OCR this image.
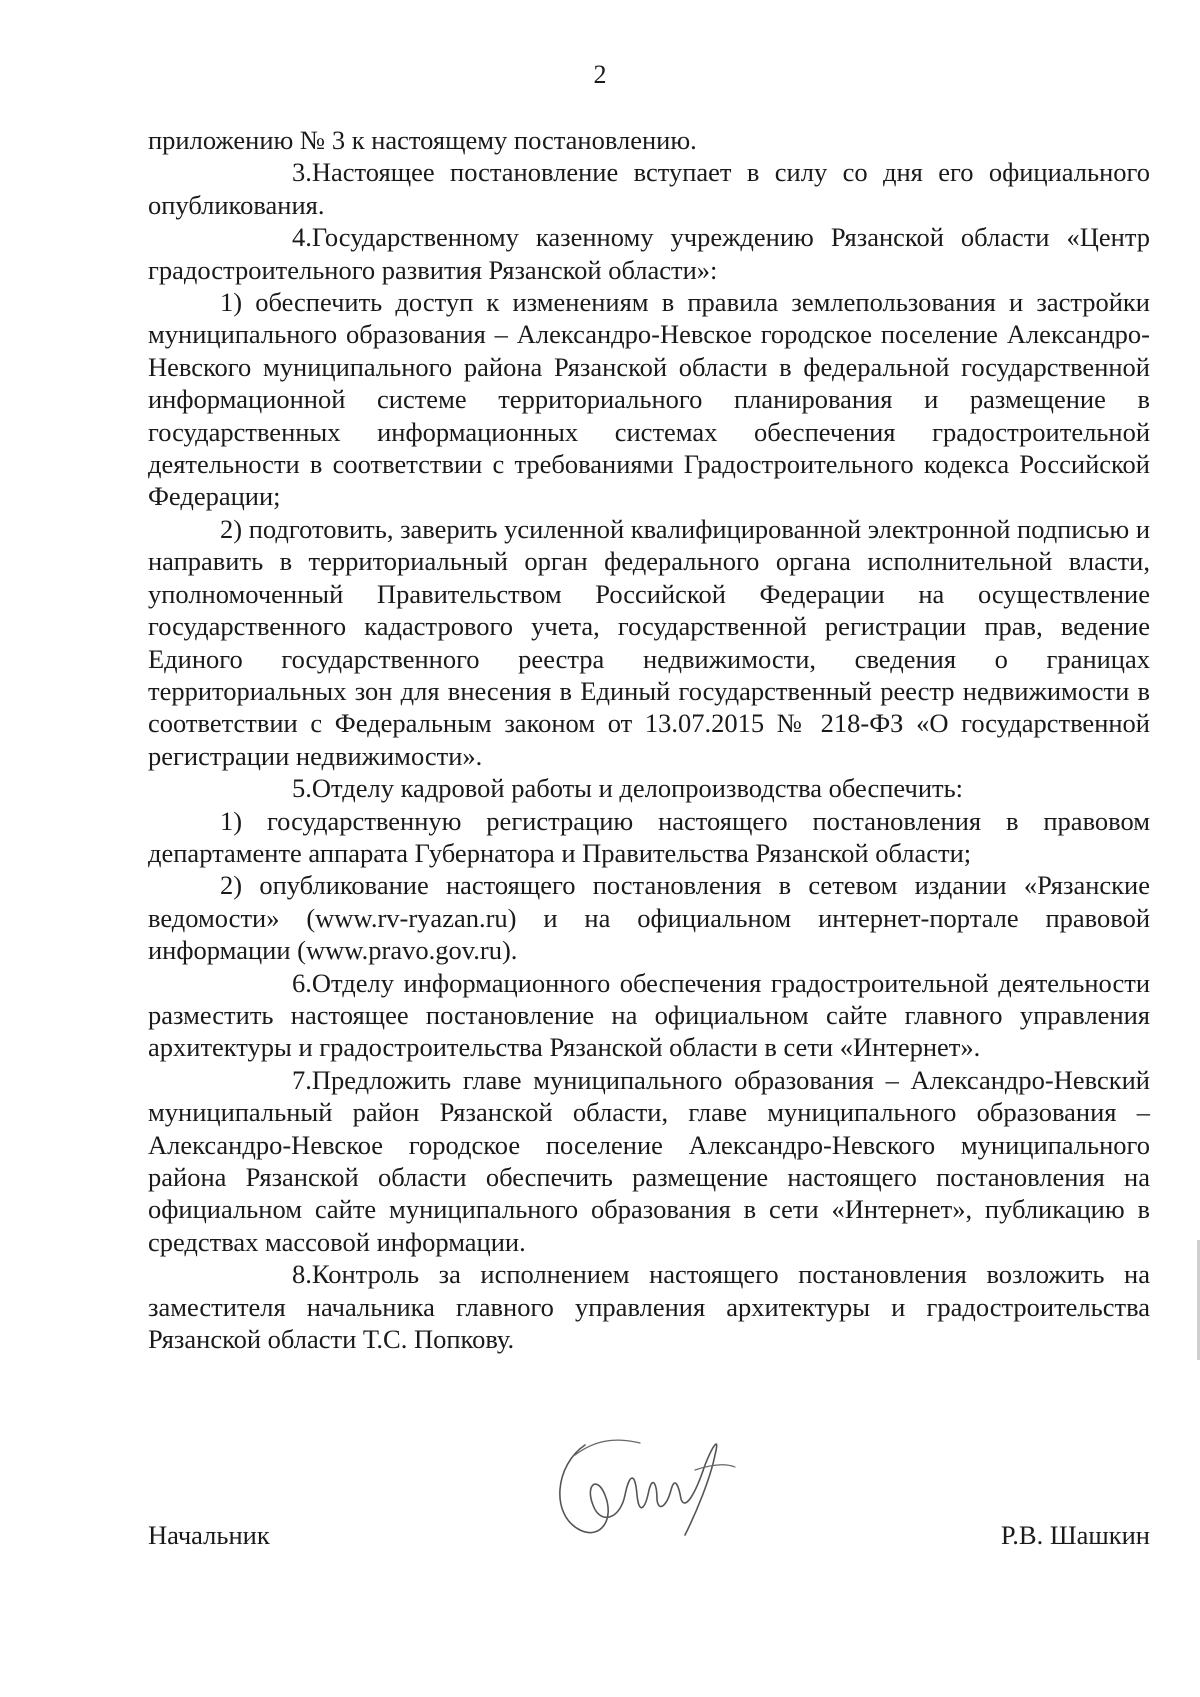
2

приложению № 3 к настоящему постановлению.

3.Настоящее постановление вступает в силу со дня его официального опубликования.

4.Государственному казенному учреждению Рязанской области «Центр градостроительного развития Рязанской области»:

1) обеспечить доступ к изменениям в правила землепользования и застройки муниципального образования – Александро-Невское городское поселение Александро-Невского муниципального района Рязанской области в федеральной государственной информационной системе территориального планирования и размещение в государственных информационных системах обеспечения градостроительной деятельности в соответствии с требованиями Градостроительного кодекса Российской Федерации;

2) подготовить, заверить усиленной квалифицированной электронной подписью и направить в территориальный орган федерального органа исполнительной власти, уполномоченный Правительством Российской Федерации на осуществление государственного кадастрового учета, государственной регистрации прав, ведение Единого государственного реестра недвижимости, сведения о границах территориальных зон для внесения в Единый государственный реестр недвижимости в соответствии с Федеральным законом от 13.07.2015 № 218-ФЗ «О государственной регистрации недвижимости».

5.Отделу кадровой работы и делопроизводства обеспечить:

1) государственную регистрацию настоящего постановления в правовом департаменте аппарата Губернатора и Правительства Рязанской области;

2) опубликование настоящего постановления в сетевом издании «Рязанские ведомости» (www.rv-ryazan.ru) и на официальном интернет-портале правовой информации (www.pravo.gov.ru).

6.Отделу информационного обеспечения градостроительной деятельности разместить настоящее постановление на официальном сайте главного управления архитектуры и градостроительства Рязанской области в сети «Интернет».

7.Предложить главе муниципального образования – Александро-Невский муниципальный район Рязанской области, главе муниципального образования – Александро-Невское городское поселение Александро-Невского муниципального района Рязанской области обеспечить размещение настоящего постановления на официальном сайте муниципального образования в сети «Интернет», публикацию в средствах массовой информации.

8.Контроль за исполнением настоящего постановления возложить на заместителя начальника главного управления архитектуры и градостроительства Рязанской области Т.С. Попкову.

Начальник	Р.В. Шашкин
